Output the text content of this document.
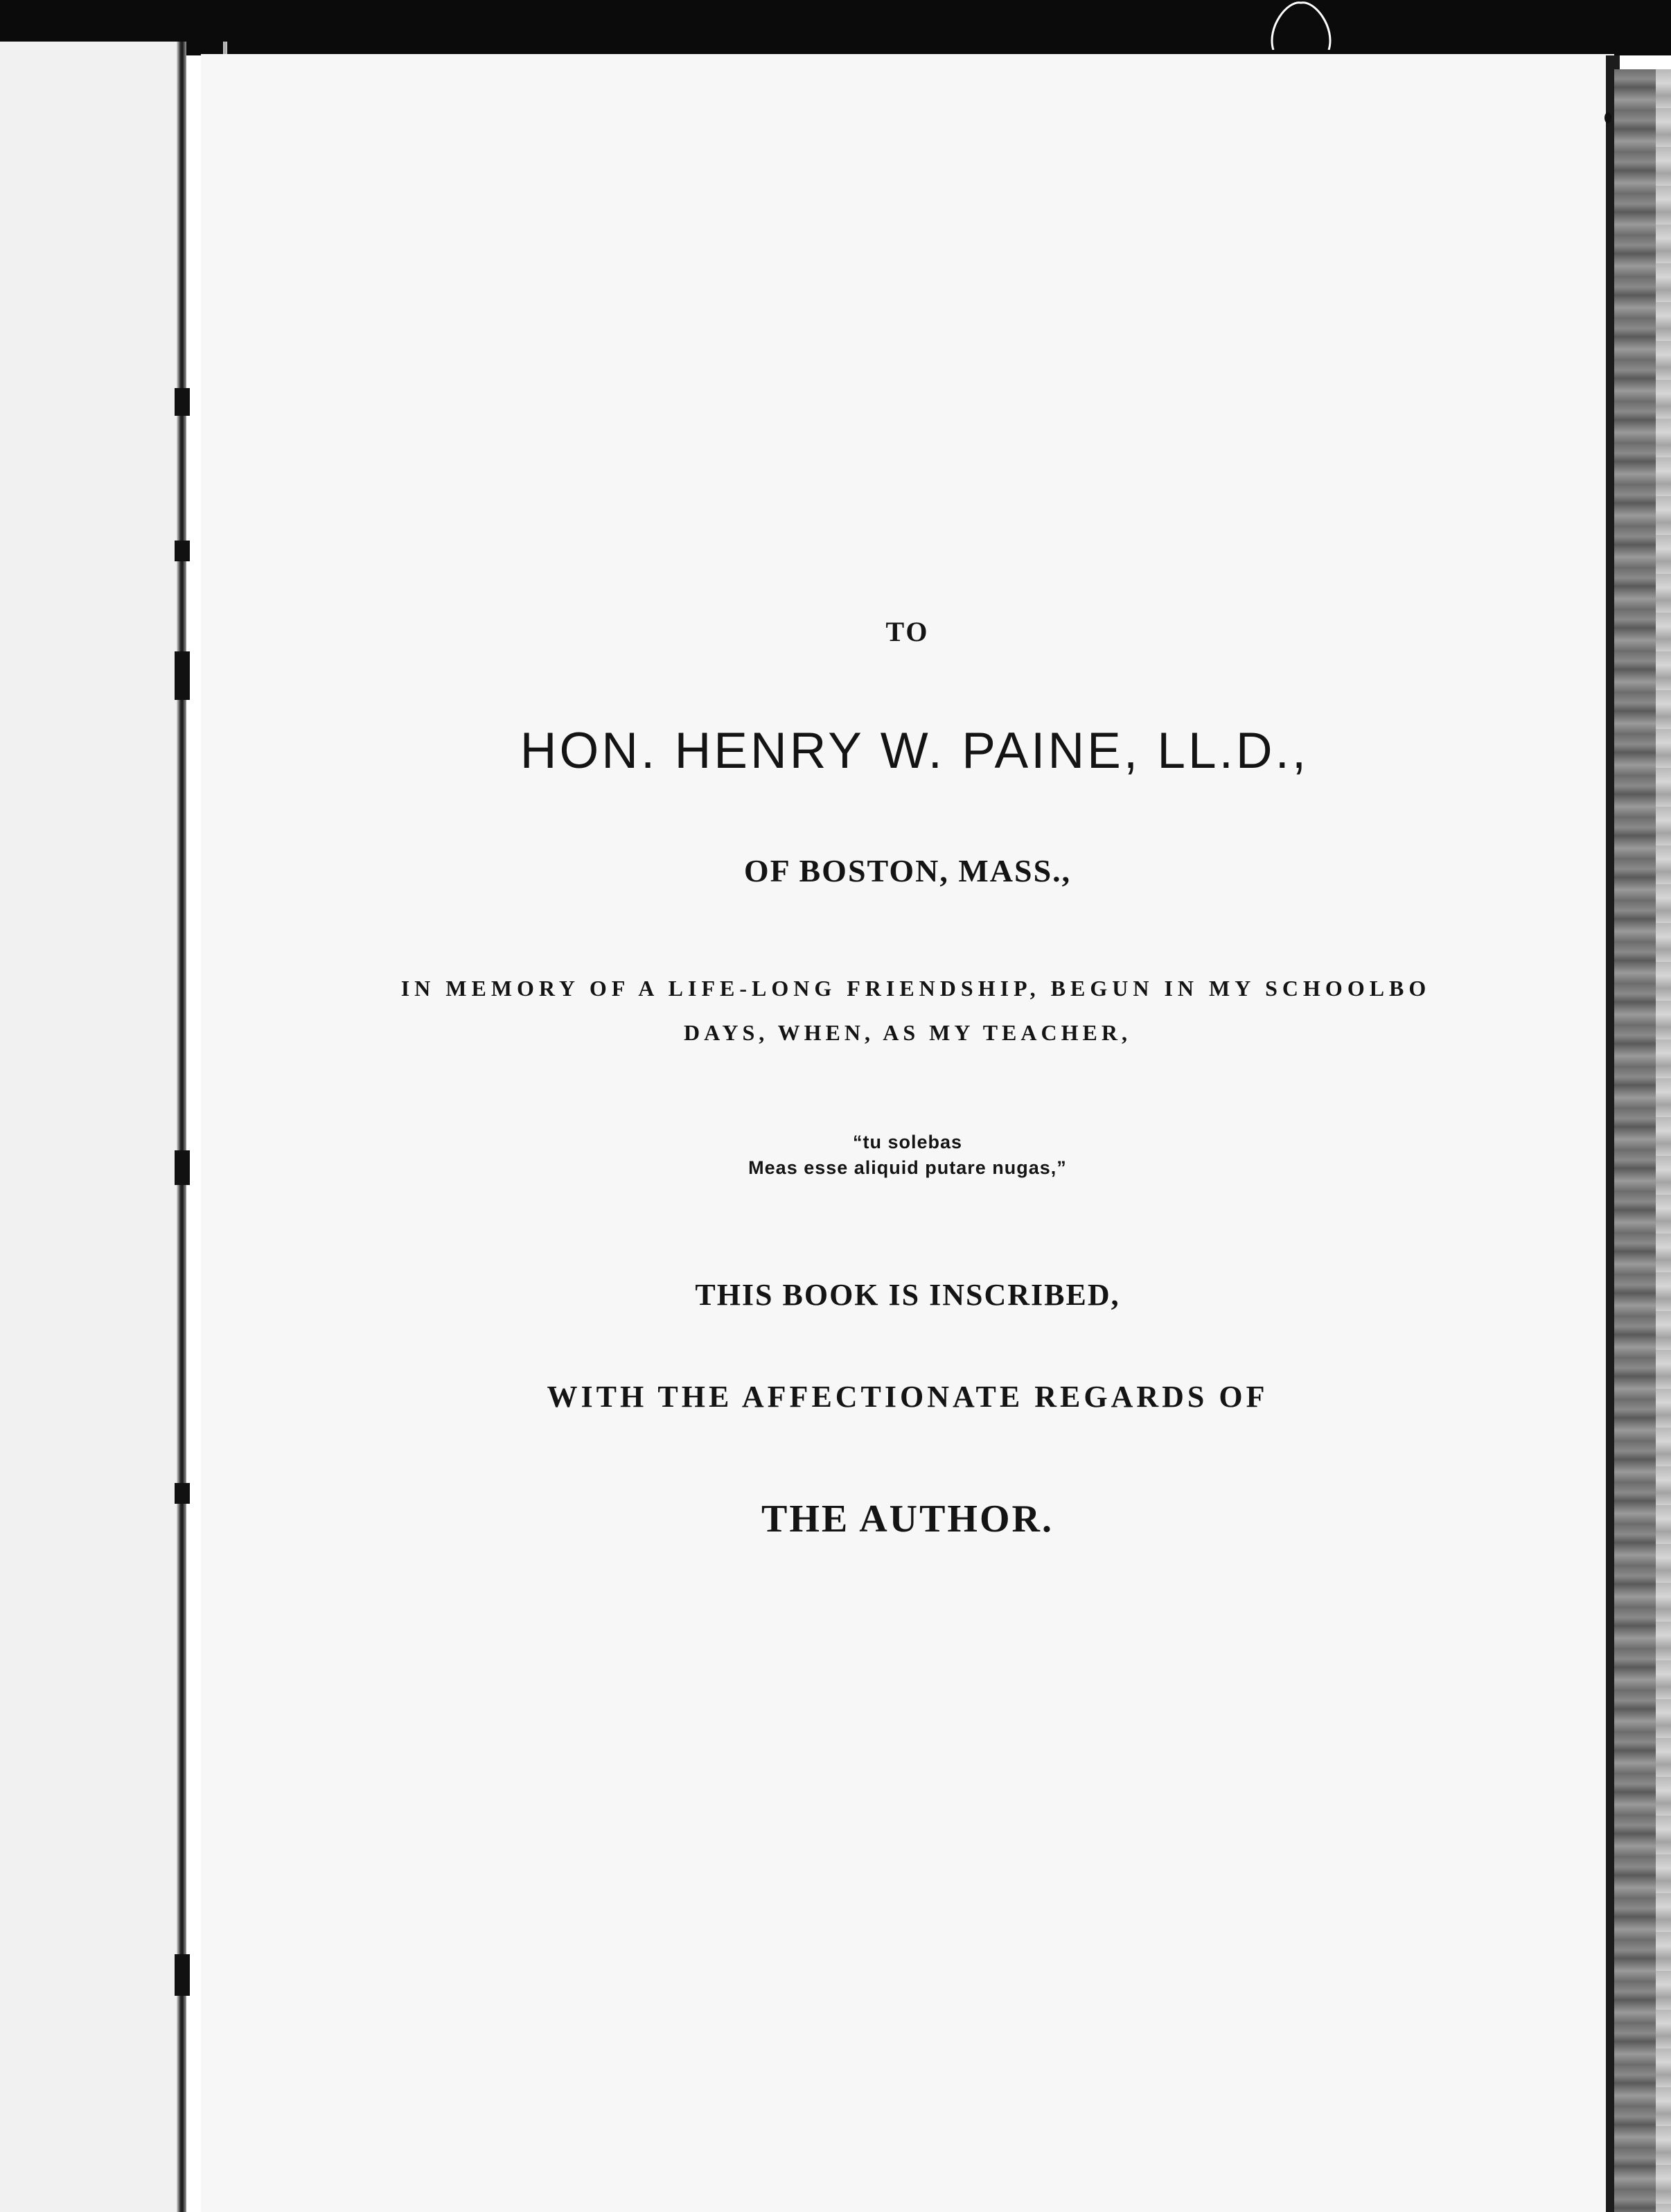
TO

HON. HENRY W. PAINE, LL.D.,

OF BOSTON, MASS.,

IN MEMORY OF A LIFE-LONG FRIENDSHIP, BEGUN IN MY SCHOOLBO

DAYS, WHEN, AS MY TEACHER,

“tu solebas

Meas esse aliquid putare nugas,”

THIS BOOK IS INSCRIBED,

WITH THE AFFECTIONATE REGARDS OF

THE AUTHOR.
